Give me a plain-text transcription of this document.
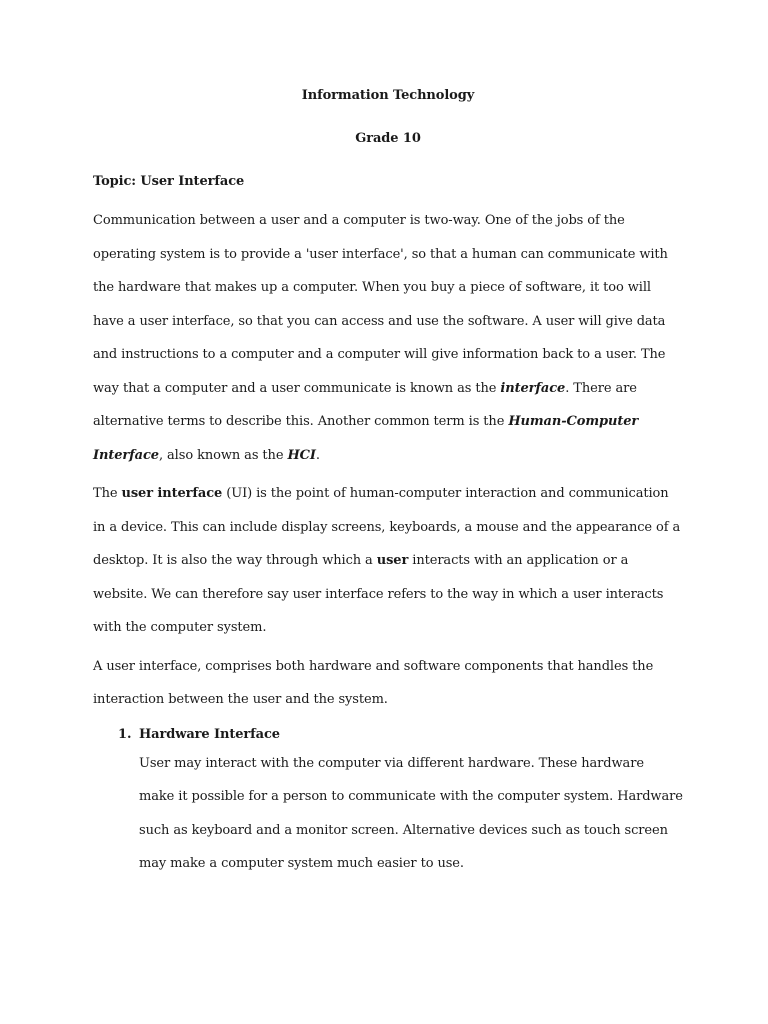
Information Technology

Grade 10

Topic: User Interface

Communication between a user and a computer is two-way. One of the jobs of the operating system is to provide a 'user interface', so that a human can communicate with the hardware that makes up a computer. When you buy a piece of software, it too will have a user interface, so that you can access and use the software. A user will give data and instructions to a computer and a computer will give information back to a user. The way that a computer and a user communicate is known as the interface. There are alternative terms to describe this. Another common term is the Human-Computer Interface, also known as the HCI.

The user interface (UI) is the point of human-computer interaction and communication in a device. This can include display screens, keyboards, a mouse and the appearance of a desktop. It is also the way through which a user interacts with an application or a website. We can therefore say user interface refers to the way in which a user interacts with the computer system.

A user interface, comprises both hardware and software components that handles the interaction between the user and the system.

1. Hardware Interface

User may interact with the computer via different hardware. These hardware make it possible for a person to communicate with the computer system. Hardware such as keyboard and a monitor screen. Alternative devices such as touch screen may make a computer system much easier to use.
